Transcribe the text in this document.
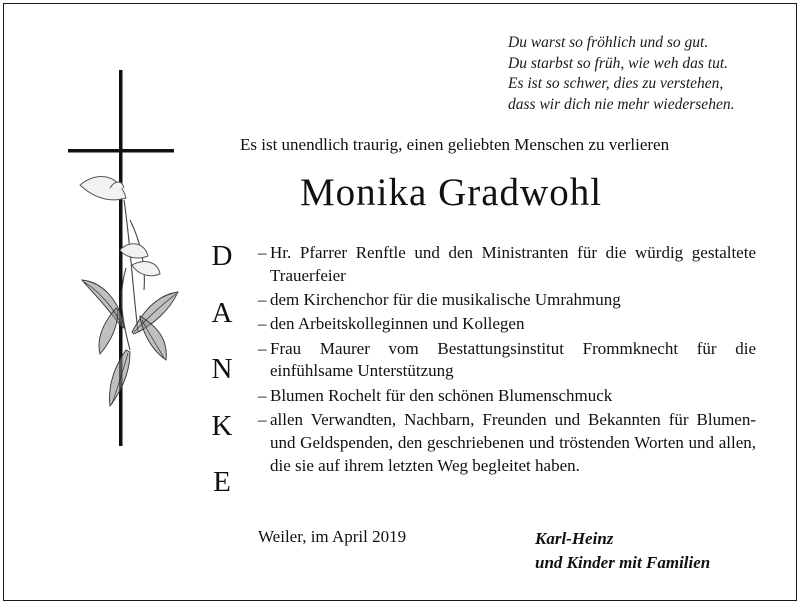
Du warst so fröhlich und so gut.
Du starbst so früh, wie weh das tut.
Es ist so schwer, dies zu verstehen,
dass wir dich nie mehr wiedersehen.
Es ist unendlich traurig, einen geliebten Menschen zu verlieren
Monika Gradwohl
D
A
N
K
E
– Hr. Pfarrer Renftle und den Ministranten für die würdig gestaltete Trauerfeier
– dem Kirchenchor für die musikalische Umrahmung
– den Arbeitskolleginnen und Kollegen
– Frau Maurer vom Bestattungsinstitut Frommknecht für die einfühlsame Unterstützung
– Blumen Rochelt für den schönen Blumenschmuck
– allen Verwandten, Nachbarn, Freunden und Bekannten für Blumen- und Geldspenden, den geschriebenen und tröstenden Worten und allen, die sie auf ihrem letzten Weg begleitet haben.
Weiler, im April 2019	Karl-Heinz
und Kinder mit Familien
